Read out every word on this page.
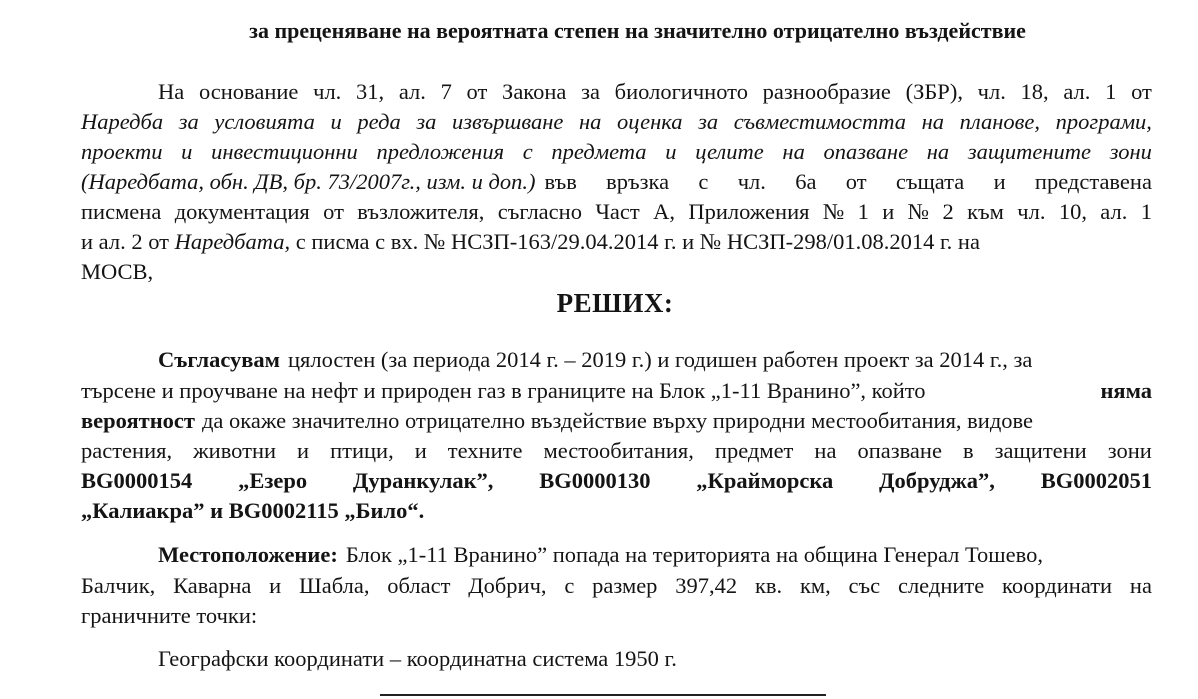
за преценяване на вероятната степен на значително отрицателно въздействие
На основание чл. 31, ал. 7 от Закона за биологичното разнообразие (ЗБР), чл. 18, ал. 1 от
Наредба за условията и реда за извършване на оценка за съвместимостта на планове, програми,
проекти и инвестиционни предложения с предмета и целите на опазване на защитените зони
(Наредбата, обн. ДВ, бр. 73/2007г., изм. и доп.) във връзка с чл. 6а от същата и представена
писмена документация от възложителя, съгласно Част А, Приложения № 1 и № 2 към чл. 10, ал. 1
и ал. 2 от Наредбата, с писма с вх. № НСЗП-163/29.04.2014 г. и № НСЗП-298/01.08.2014 г. на
МОСВ,
РЕШИХ:
Съгласувам цялостен (за периода 2014 г. – 2019 г.) и годишен работен проект за 2014 г., за
търсене и проучване на нефт и природен газ в границите на Блок „1-11 Вранино”, който	няма
вероятност да окаже значително отрицателно въздействие върху природни местообитания, видове
растения, животни и птици, и техните местообитания, предмет на опазване в защитени зони
BG0000154 „Езеро Дуранкулак”, BG0000130 „Крайморска Добруджа”, BG0002051
„Калиакра” и BG0002115 „Било“.
Местоположение: Блок „1-11 Вранино” попада на територията на община Генерал Тошево,
Балчик, Каварна и Шабла, област Добрич, с размер 397,42 кв. км, със следните координати на
граничните точки:
Географски координати – координатна система 1950 г.
